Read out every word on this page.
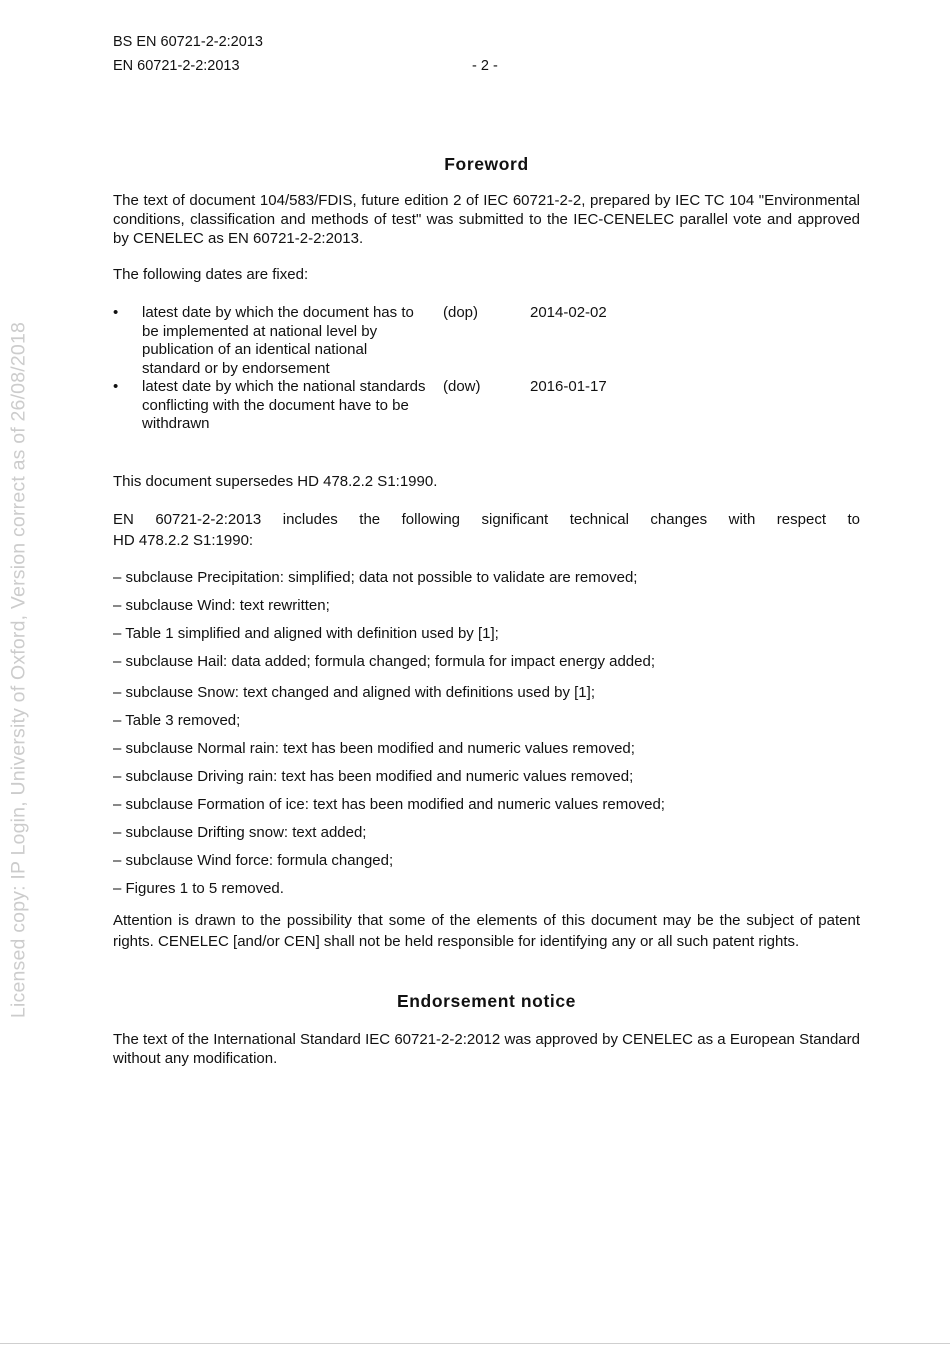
BS EN 60721-2-2:2013
EN 60721-2-2:2013	- 2 -
Licensed copy: IP Login, University of Oxford, Version correct as of 26/08/2018
Foreword
The text of document 104/583/FDIS, future edition 2 of IEC 60721-2-2, prepared by IEC TC 104 "Environmental conditions, classification and methods of test" was submitted to the IEC-CENELEC parallel vote and approved by CENELEC as EN 60721-2-2:2013.
The following dates are fixed:
• latest date by which the document has to be implemented at national level by publication of an identical national standard or by endorsement
(dop)	2014-02-02
• latest date by which the national standards conflicting with the document have to be withdrawn
(dow)	2016-01-17
This document supersedes HD 478.2.2 S1:1990.
EN 60721-2-2:2013 includes the following significant technical changes with respect to
HD 478.2.2 S1:1990:
– subclause Precipitation: simplified; data not possible to validate are removed;
– subclause Wind: text rewritten;
– Table 1 simplified and aligned with definition used by [1];
– subclause Hail: data added; formula changed; formula for impact energy added;
– subclause Snow: text changed and aligned with definitions used by [1];
– Table 3 removed;
– subclause Normal rain: text has been modified and numeric values removed;
– subclause Driving rain: text has been modified and numeric values removed;
– subclause Formation of ice: text has been modified and numeric values removed;
– subclause Drifting snow: text added;
– subclause Wind force: formula changed;
– Figures 1 to 5 removed.
Attention is drawn to the possibility that some of the elements of this document may be the subject of patent rights. CENELEC [and/or CEN] shall not be held responsible for identifying any or all such patent rights.
Endorsement notice
The text of the International Standard IEC 60721-2-2:2012 was approved by CENELEC as a European Standard without any modification.
